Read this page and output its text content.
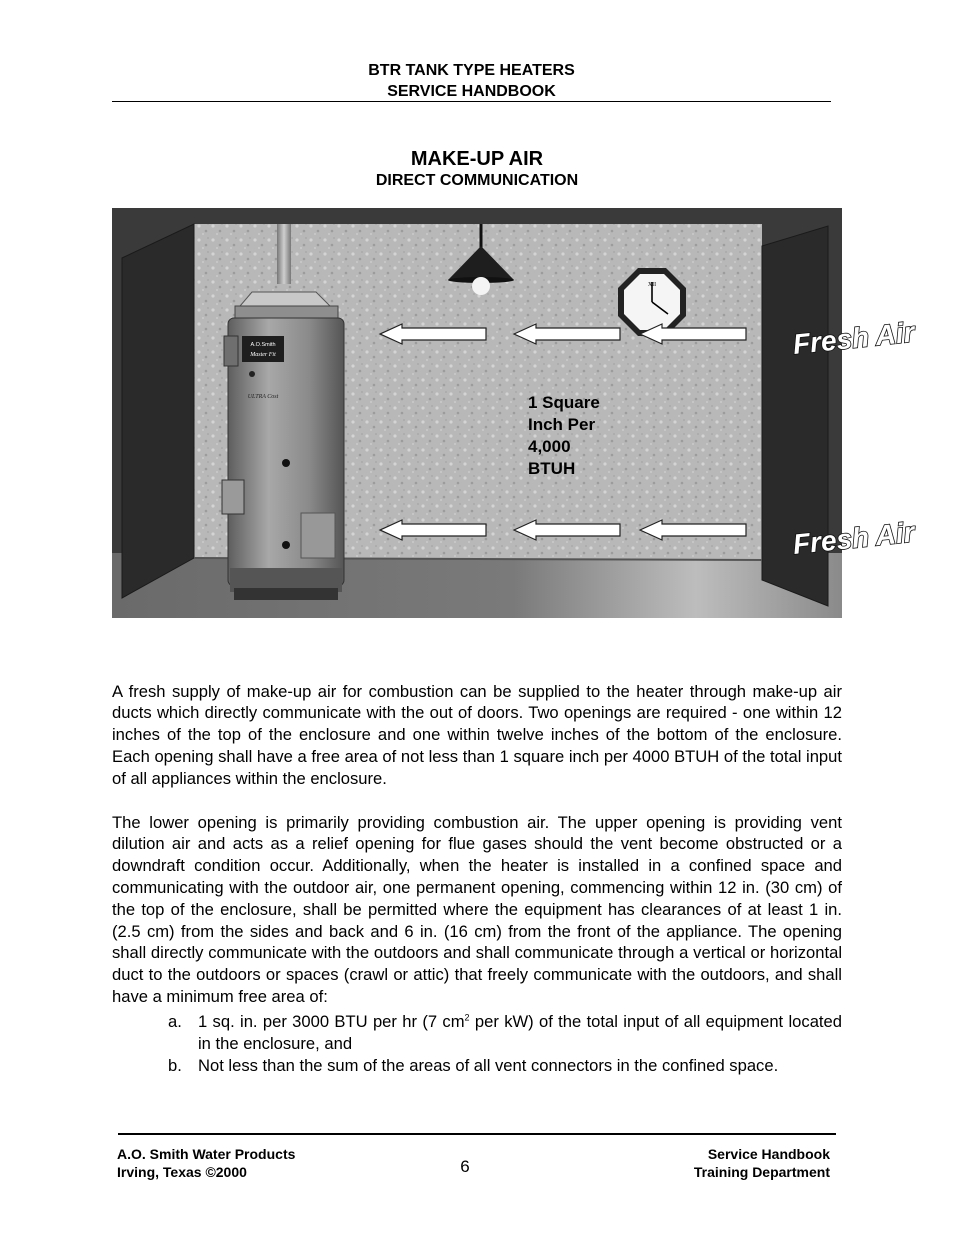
BTR TANK TYPE HEATERS
SERVICE HANDBOOK
MAKE-UP AIR
DIRECT COMMUNICATION
XII
A.O.Smith
Master Fit
ULTRA Cost	1 Square
Inch Per
4,000
BTUH
Fresh Air
Fresh Air

A fresh supply of make-up air for combustion can be supplied to the heater through make-up air ducts which directly communicate with the out of doors. Two openings are required - one within 12 inches of the top of the enclosure and one within twelve inches of the bottom of the enclosure. Each opening shall have a free area of not less than 1 square inch per 4000 BTUH of the total input of all appliances within the enclosure.

The lower opening is primarily providing combustion air. The upper opening is providing vent dilution air and acts as a relief opening for flue gases should the vent become obstructed or a downdraft condition occur. Additionally, when the heater is installed in a confined space and communicating with the outdoor air, one permanent opening, commencing within 12 in. (30 cm) of the top of the enclosure, shall be permitted where the equipment has clearances of at least 1 in. (2.5 cm) from the sides and back and 6 in. (16 cm) from the front of the appliance. The opening shall directly communicate with the outdoors and shall communicate through a vertical or horizontal duct to the outdoors or spaces (crawl or attic) that freely communicate with the outdoors, and shall have a minimum free area of:

a. 1 sq. in. per 3000 BTU per hr (7 $cm^2$ per kW) of the total input of all equipment located in the enclosure, and
b. Not less than the sum of the areas of all vent connectors in the confined space.
A.O. Smith Water Products
Irving, Texas ©2000	6
Service Handbook
Training Department
